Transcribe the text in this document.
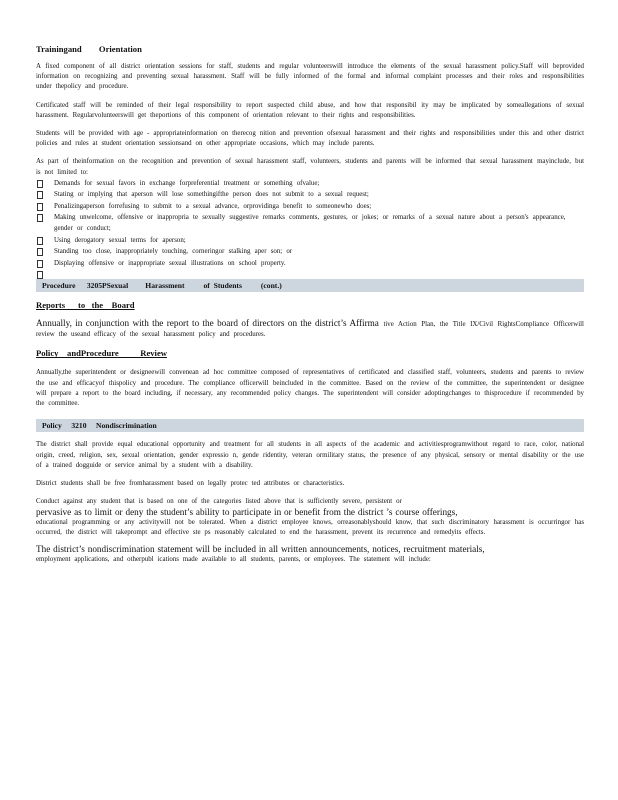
Trainingand        Orientation

A fixed component of all district orientation sessions for staff, students and regular volunteerswill introduce the elements of the sexual harassment policy.Staff will beprovided information on recognizing and preventing sexual harassment. Staff will be fully informed of the formal and informal complaint processes and their roles and responsibilities under thepolicy and procedure.

Certificated staff will be reminded of their legal responsibility to report suspected child abuse, and how that responsibil ity may be implicated by someallegations of sexual harassment. Regularvolunteerswill get theportions of this component of orientation relevant to their rights and responsibilities.

Students will be provided with age - appropriateinformation on therecog nition and prevention ofsexual harassment and their rights and responsibilities under this and other district policies and rules at student orientation sessionsand on other appropriate occasions, which may include parents.

As part of theinformation on the recognition and prevention of sexual harassment staff, volunteers, students and parents will be informed that sexual harassment mayinclude, but is not limited to:

Demands for sexual favors in exchange forpreferential treatment or something ofvalue;
Stating or implying that aperson will lose somethingifthe person does not submit to a sexual request;
Penalizingaperson forrefusing to submit to a sexual advance, orprovidinga benefit to someonewho does;
Making unwelcome, offensive or inappropria te sexually suggestive remarks comments, gestures, or jokes; or remarks of a sexual nature about a person's appearance, gender or conduct;
Using derogatory sexual terms for aperson;
Standing too close, inappropriately touching, corneringor stalking aper son; or
Displaying offensive or inappropriate sexual illustrations on school property.
Procedure      3205PSexual         Harassment          of  Students          (cont.)

Reports      to   the    Board

Annually, in conjunction with the report to the board of directors on the district’s Affirma tive Action Plan, the Title IX/Civil RightsCompliance Officerwill review the useand efficacy of the sexual harassment policy and procedures.

Policy    andProcedure          Review

Annually,the superintendent or designeewill convenean ad hoc committee composed of representatives of certificated and classified staff, volunteers, students and parents to review the use and efficacyof thispolicy and procedure. The compliance officerwill beincluded in the committee. Based on the review of the committee, the superintendent or designee will prepare a report to the board including, if necessary, any recommended policy changes. The superintendent will consider adoptingchanges to thisprocedure if recommended by the committee.

Policy     3210     Nondiscrimination

The district shall provide equal educational opportunity and treatment for all students in all aspects of the academic and activitiesprogramwithout regard to race, color, national origin, creed, religion, sex, sexual orientation, gender expressio n, gende ridentity, veteran ormilitary status, the presence of any physical, sensory or mental disability or the use of a trained dogguide or service animal by a student with a disability.

District students shall be free fromharassment based on legally protec ted attributes or characteristics.

Conduct against any student that is based on one of the categories listed above that is sufficiently severe, persistent or

pervasive as to limit or deny the student’s ability to participate in or benefit from the district ’s course offerings,

educational programming or any activitywill not be tolerated. When a district employee knows, orreasonablyshould know, that such discriminatory harassment is occurringor has occurred, the district will takeprompt and effective ste ps reasonably calculated to end the harassment, prevent its recurrence and remedyits effects.

The district’s nondiscrimination statement will be included in all written announcements, notices, recruitment materials,

employment applications, and otherpubl ications made available to all students, parents, or employees. The statement will include:
